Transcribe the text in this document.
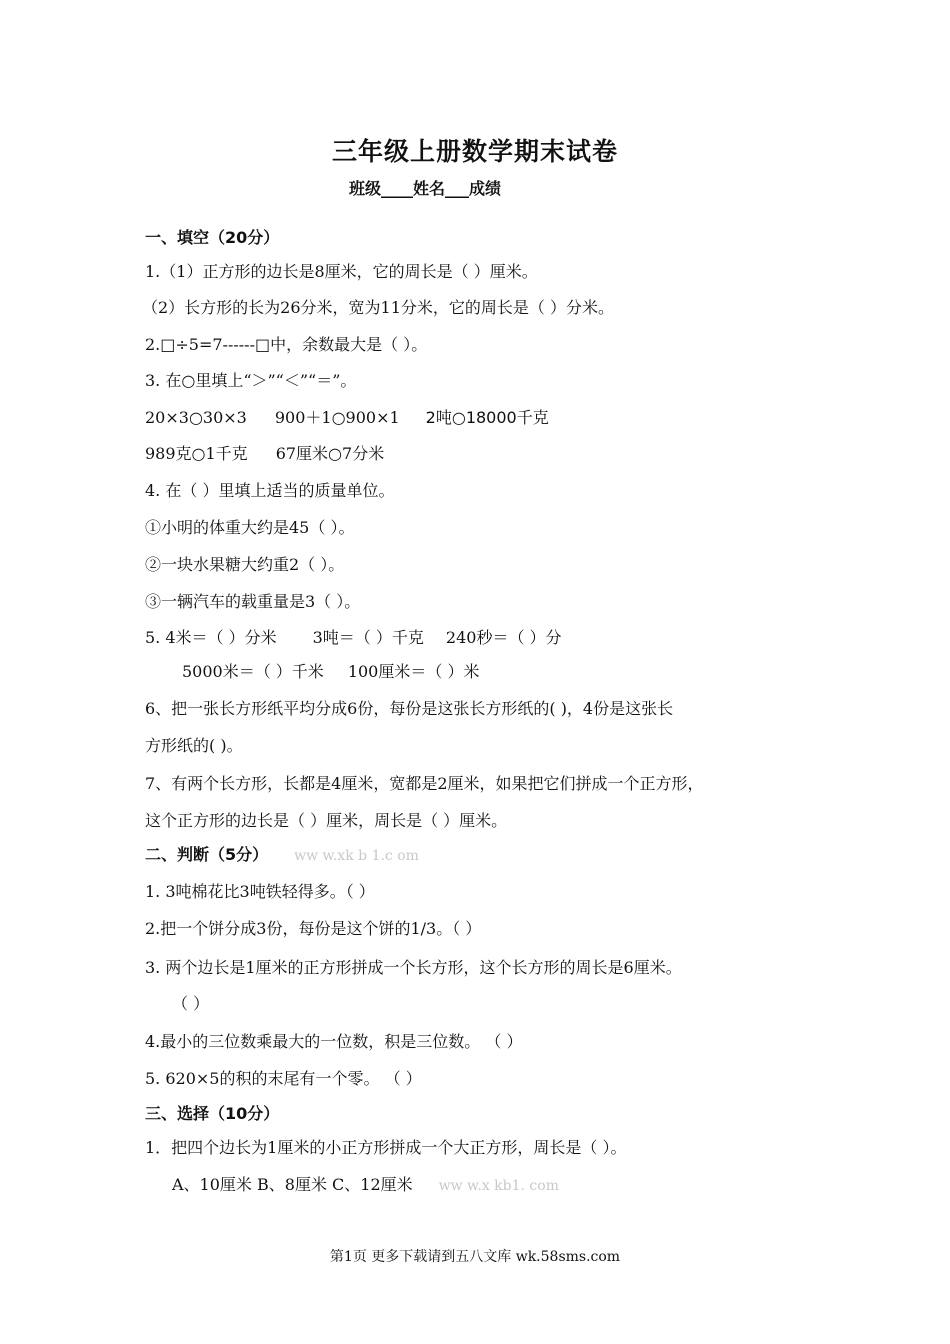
三年级上册数学期末试卷
班级____姓名___成绩
一、填空（20分）
1.（1）正方形的边长是8厘米，它的周长是（ ）厘米。
（2）长方形的长为26分米，宽为11分米，它的周长是（ ）分米。
2.□÷5=7------□中，余数最大是（ ）。
3. 在○里填上“＞”“＜”“＝”。
20×3○30×3 900＋1○900×1 2吨○18000千克
989克○1千克 67厘米○7分米
4. 在（ ）里填上适当的质量单位。
①小明的体重大约是45（ ）。
②一块水果糖大约重2（ ）。
③一辆汽车的载重量是3（ ）。
5. 4米＝（ ）分米 3吨＝（ ）千克 240秒＝（ ）分
5000米＝（ ）千米 100厘米＝（ ）米
6、把一张长方形纸平均分成6份，每份是这张长方形纸的( )，4份是这张长
方形纸的( )。
7、有两个长方形，长都是4厘米，宽都是2厘米，如果把它们拼成一个正方形，
这个正方形的边长是（ ）厘米，周长是（ ）厘米。
二、判断（5分） ww w.xk b 1.c om
1. 3吨棉花比3吨铁轻得多。（ ）
2.把一个饼分成3份，每份是这个饼的1/3。（ ）
3. 两个边长是1厘米的正方形拼成一个长方形，这个长方形的周长是6厘米。
（ ）
4.最小的三位数乘最大的一位数，积是三位数。 （ ）
5. 620×5的积的末尾有一个零。 （ ）
三、选择（10分）
1．把四个边长为1厘米的小正方形拼成一个大正方形，周长是（ ）。
A、10厘米 B、8厘米 C、12厘米 ww w.x kb1. com
第1页 更多下载请到五八文库 wk.58sms.com
